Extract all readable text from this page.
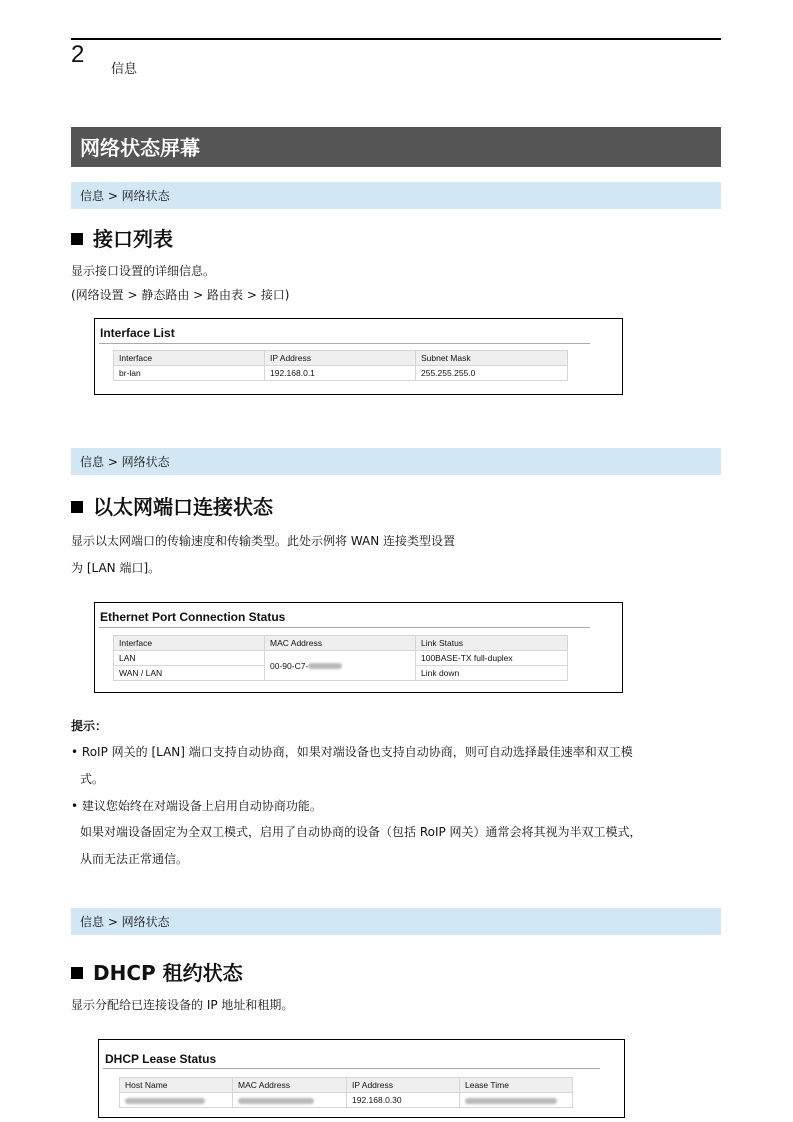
2
信息
网络状态屏幕
信息 > 网络状态
接口列表
显示接口设置的详细信息。
(网络设置 > 静态路由 > 路由表 > 接口)
Interface List
Interface	IP Address	Subnet Mask
br-lan	192.168.0.1	255.255.255.0
信息 > 网络状态
以太网端口连接状态
显示以太网端口的传输速度和传输类型。此处示例将 WAN 连接类型设置
为 [LAN 端口]。
Ethernet Port Connection Status
Interface	MAC Address	Link Status
LAN	00-90-C7-	100BASE-TX full-duplex
WAN / LAN		Link down
提示：
• RoIP 网关的 [LAN] 端口支持自动协商，如果对端设备也支持自动协商，则可自动选择最佳速率和双工模
式。
• 建议您始终在对端设备上启用自动协商功能。
如果对端设备固定为全双工模式，启用了自动协商的设备（包括 RoIP 网关）通常会将其视为半双工模式，
从而无法正常通信。
信息 > 网络状态
DHCP 租约状态
显示分配给已连接设备的 IP 地址和租期。
DHCP Lease Status
Host Name	MAC Address	IP Address	Lease Time
		192.168.0.30	
